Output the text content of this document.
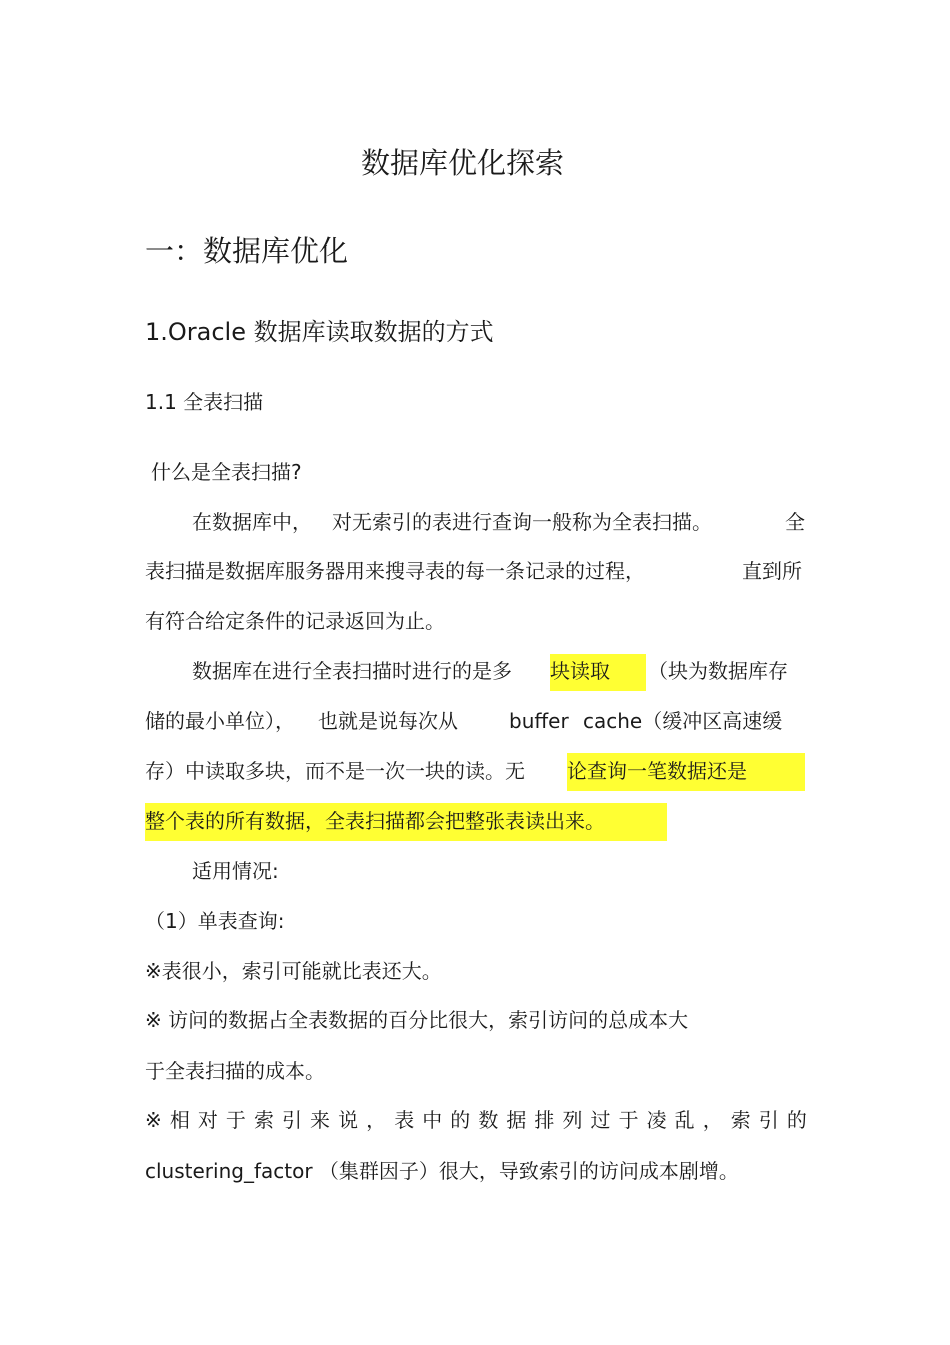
数据库优化探索
一：数据库优化
1.Oracle 数据库读取数据的方式
1.1 全表扫描
什么是全表扫描?
在数据库中， 对无索引的表进行查询一般称为全表扫描。	全
表扫描是数据库服务器用来搜寻表的每一条记录的过程，	直到所
有符合给定条件的记录返回为止。
数据库在进行全表扫描时进行的是多 块读取	（块为数据库存
储的最小单位）， 也就是说每次从	buffer cache（缓冲区高速缓
存）中读取多块，而不是一次一块的读。无 论查询一笔数据还是
整个表的所有数据，全表扫描都会把整张表读出来。
适用情况:
（1）单表查询:
※表很小，索引可能就比表还大。
※ 访问的数据占全表数据的百分比很大，索引访问的总成本大
于全表扫描的成本。
※ 相 对 于 索 引 来 说 ， 表 中 的 数 据 排 列 过 于 凌 乱 ， 索 引 的
clustering_factor （集群因子）很大，导致索引的访问成本剧增。
